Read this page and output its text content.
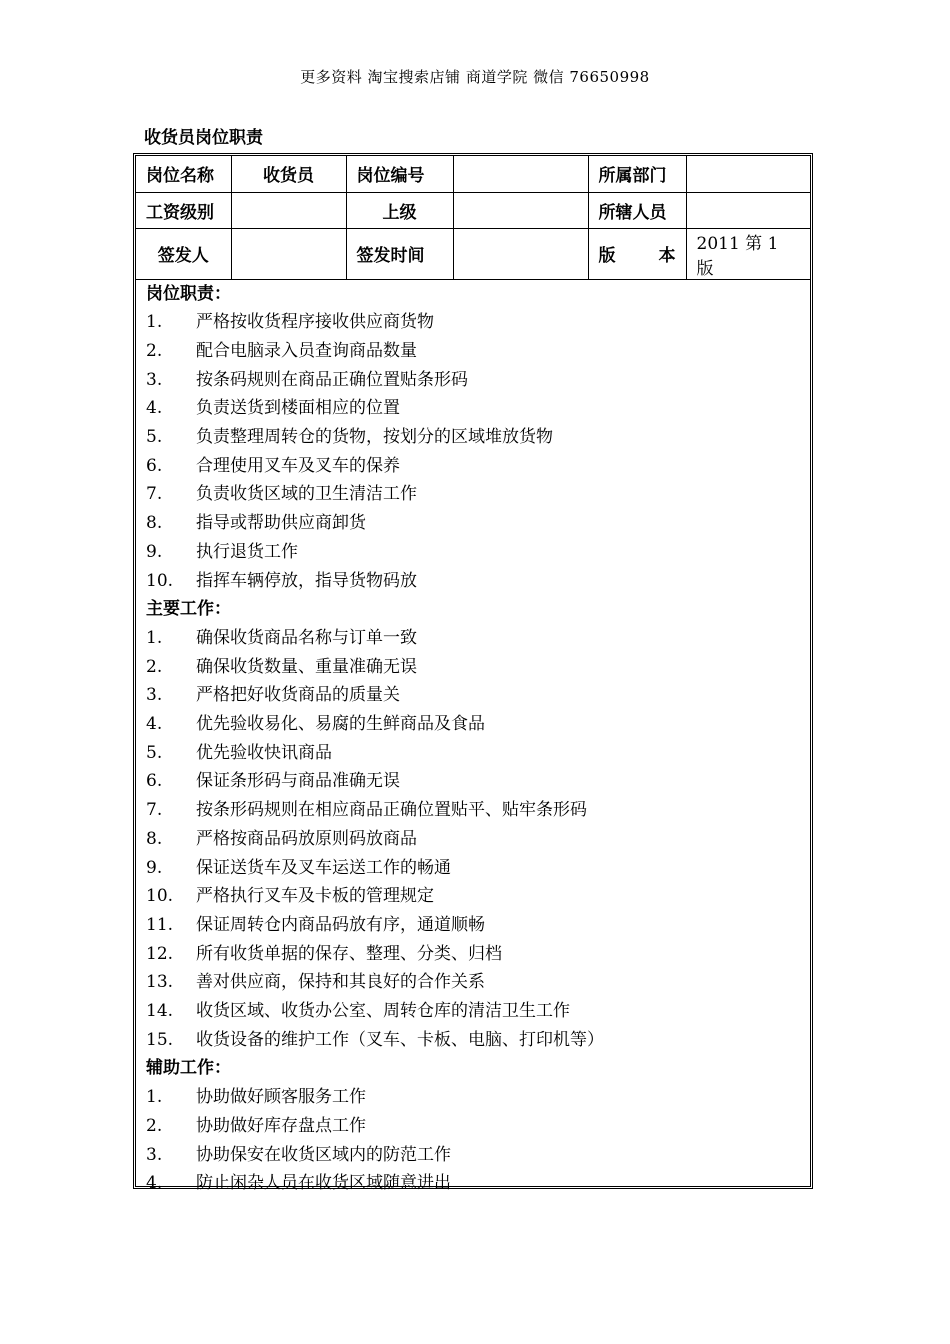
更多资料 淘宝搜索店铺 商道学院 微信 76650998
收货员岗位职责
岗位名称	收货员	岗位编号		所属部门	
工资级别		上级		所辖人员	
签发人		签发时间		版 本	2011 第 1 版
岗位职责：
1.	严格按收货程序接收供应商货物
2.	配合电脑录入员查询商品数量
3.	按条码规则在商品正确位置贴条形码
4.	负责送货到楼面相应的位置
5.	负责整理周转仓的货物，按划分的区域堆放货物
6.	合理使用叉车及叉车的保养
7.	负责收货区域的卫生清洁工作
8.	指导或帮助供应商卸货
9.	执行退货工作
10.	指挥车辆停放，指导货物码放
主要工作：
1.	确保收货商品名称与订单一致
2.	确保收货数量、重量准确无误
3.	严格把好收货商品的质量关
4.	优先验收易化、易腐的生鲜商品及食品
5.	优先验收快讯商品
6.	保证条形码与商品准确无误
7.	按条形码规则在相应商品正确位置贴平、贴牢条形码
8.	严格按商品码放原则码放商品
9.	保证送货车及叉车运送工作的畅通
10.	严格执行叉车及卡板的管理规定
11.	保证周转仓内商品码放有序，通道顺畅
12.	所有收货单据的保存、整理、分类、归档
13.	善对供应商，保持和其良好的合作关系
14.	收货区域、收货办公室、周转仓库的清洁卫生工作
15.	收货设备的维护工作（叉车、卡板、电脑、打印机等）
辅助工作：
1.	协助做好顾客服务工作
2.	协助做好库存盘点工作
3.	协助保安在收货区域内的防范工作
4.	防止闲杂人员在收货区域随意进出
